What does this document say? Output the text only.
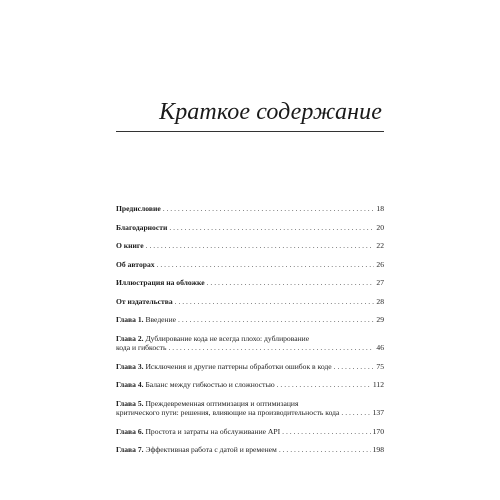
Краткое содержание
Предисловие . . .	18
Благодарности . . .	20
О книге . . .	22
Об авторах . . .	26
Иллюстрация на обложке . . .	27
От издательства . . .	28
Глава 1. Введение . . .	29
Глава 2. Дублирование кода не всегда плохо: дублирование
кода и гибкость . . .	46
Глава 3. Исключения и другие паттерны обработки ошибок в коде . . .	75
Глава 4. Баланс между гибкостью и сложностью . . .	112
Глава 5. Преждевременная оптимизация и оптимизация
критического пути: решения, влияющие на производительность кода . . .	137
Глава 6. Простота и затраты на обслуживание API . . .	170
Глава 7. Эффективная работа с датой и временем . . .	198
